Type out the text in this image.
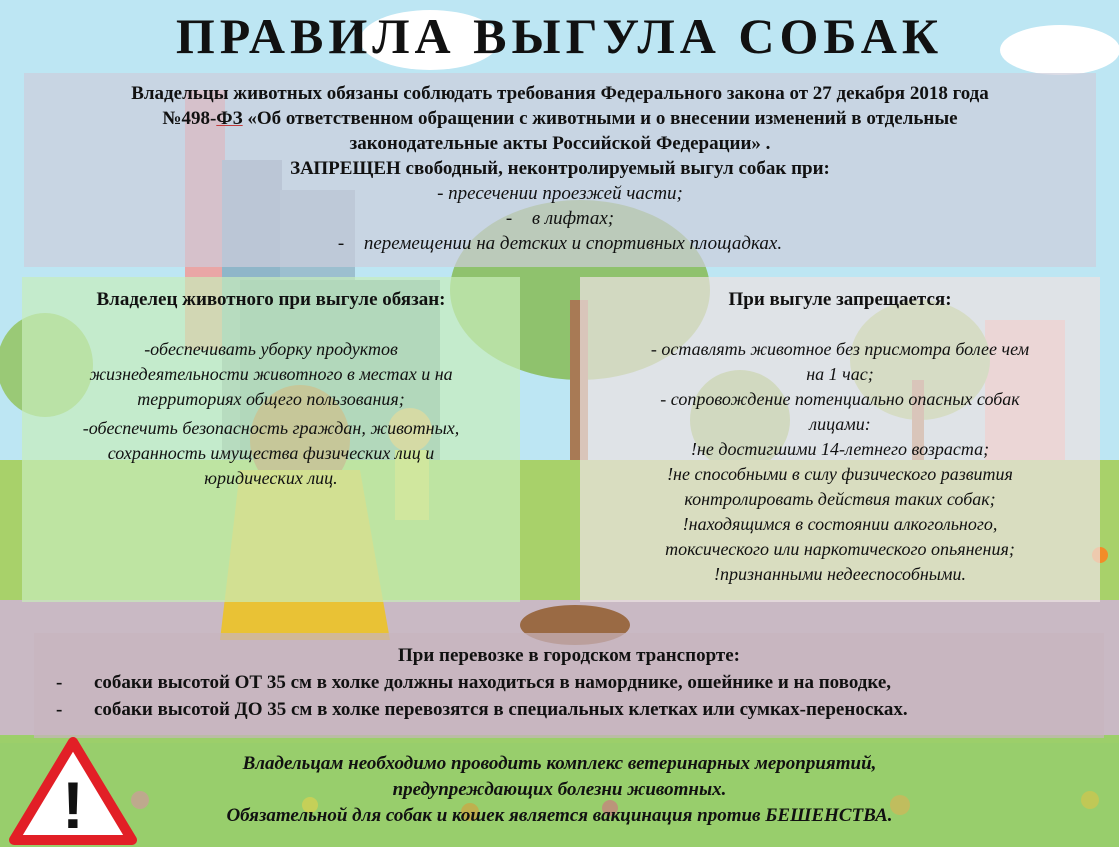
ПРАВИЛА ВЫГУЛА СОБАК
Владельцы животных обязаны соблюдать требования Федерального закона от 27 декабря 2018 года
№498-ФЗ «Об ответственном обращении с животными и о внесении изменений в отдельные
законодательные акты Российской Федерации» .
ЗАПРЕЩЕН свободный, неконтролируемый выгул собак при:
- пресечении проезжей части;
- в лифтах;
- перемещении на детских и спортивных площадках.
Владелец животного при выгуле обязан:
-обеспечивать уборку продуктов
жизнедеятельности животного в местах и на
территориях общего пользования;
-обеспечить безопасность граждан, животных,
сохранность имущества физических лиц и
юридических лиц.
При выгуле запрещается:
- оставлять животное без присмотра более чем
на 1 час;
- сопровождение потенциально опасных собак
лицами:
!не достигшими 14-летнего возраста;
!не способными в силу физического развития
контролировать действия таких собак;
!находящимся в состоянии алкогольного,
токсического или наркотического опьянения;
!признанными недееспособными.
При перевозке в городском транспорте:
- собаки высотой ОТ 35 см в холке должны находиться в наморднике, ошейнике и на поводке,
- собаки высотой ДО 35 см в холке перевозятся в специальных клетках или сумках-переносках.
Владельцам необходимо проводить комплекс ветеринарных мероприятий,
предупреждающих болезни животных.
Обязательной для собак и кошек является вакцинация против БЕШЕНСТВА.
!
